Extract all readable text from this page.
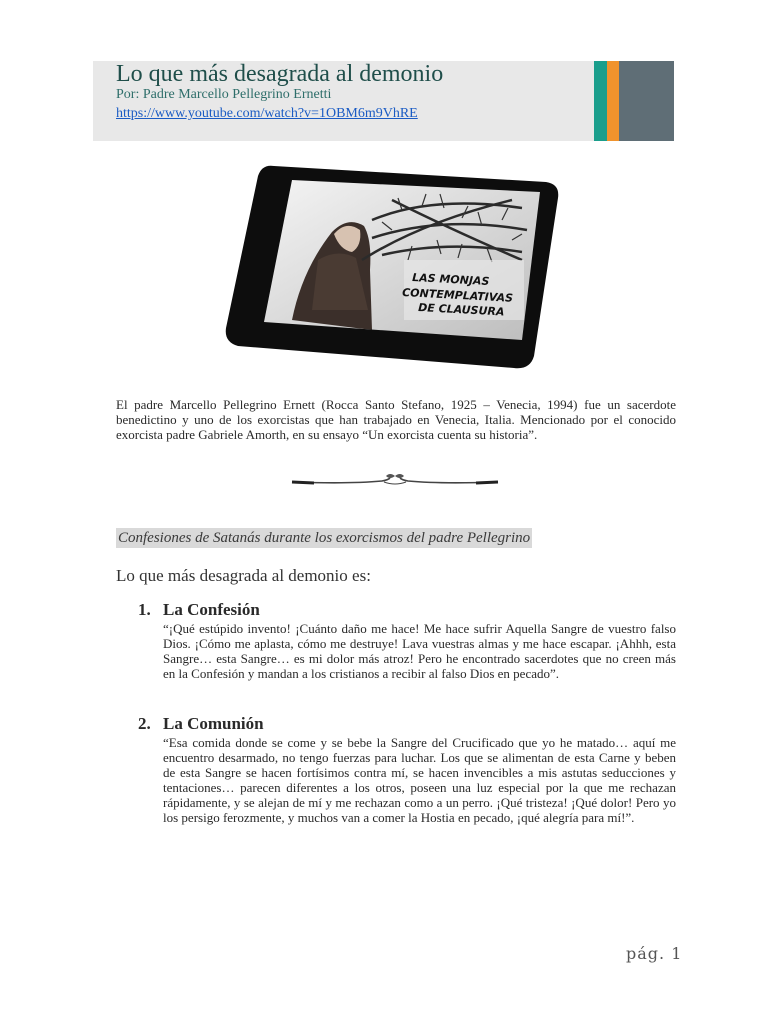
Lo que más desagrada al demonio
Por: Padre Marcello Pellegrino Ernetti
https://www.youtube.com/watch?v=1OBM6m9VhRE
LAS MONJAS
CONTEMPLATIVAS
DE CLAUSURA
El padre Marcello Pellegrino Ernett (Rocca Santo Stefano, 1925 – Venecia, 1994) fue un sacerdote benedictino y uno de los exorcistas que han trabajado en Venecia, Italia. Mencionado por el conocido exorcista padre Gabriele Amorth, en su ensayo “Un exorcista cuenta su historia”.
Confesiones de Satanás durante los exorcismos del padre Pellegrino
Lo que más desagrada al demonio es:
1. La Confesión
“¡Qué estúpido invento! ¡Cuánto daño me hace! Me hace sufrir Aquella Sangre de vuestro falso Dios. ¡Cómo me aplasta, cómo me destruye! Lava vuestras almas y me hace escapar. ¡Ahhh, esta Sangre… esta Sangre… es mi dolor más atroz! Pero he encontrado sacerdotes que no creen más en la Confesión y mandan a los cristianos a recibir al falso Dios en pecado”.
2. La Comunión
“Esa comida donde se come y se bebe la Sangre del Crucificado que yo he matado… aquí me encuentro desarmado, no tengo fuerzas para luchar. Los que se alimentan de esta Carne y beben de esta Sangre se hacen fortísimos contra mí, se hacen invencibles a mis astutas seducciones y tentaciones… parecen diferentes a los otros, poseen una luz especial por la que me rechazan rápidamente, y se alejan de mí y me rechazan como a un perro. ¡Qué tristeza! ¡Qué dolor! Pero yo los persigo ferozmente, y muchos van a comer la Hostia en pecado, ¡qué alegría para mí!”.
pág. 1
